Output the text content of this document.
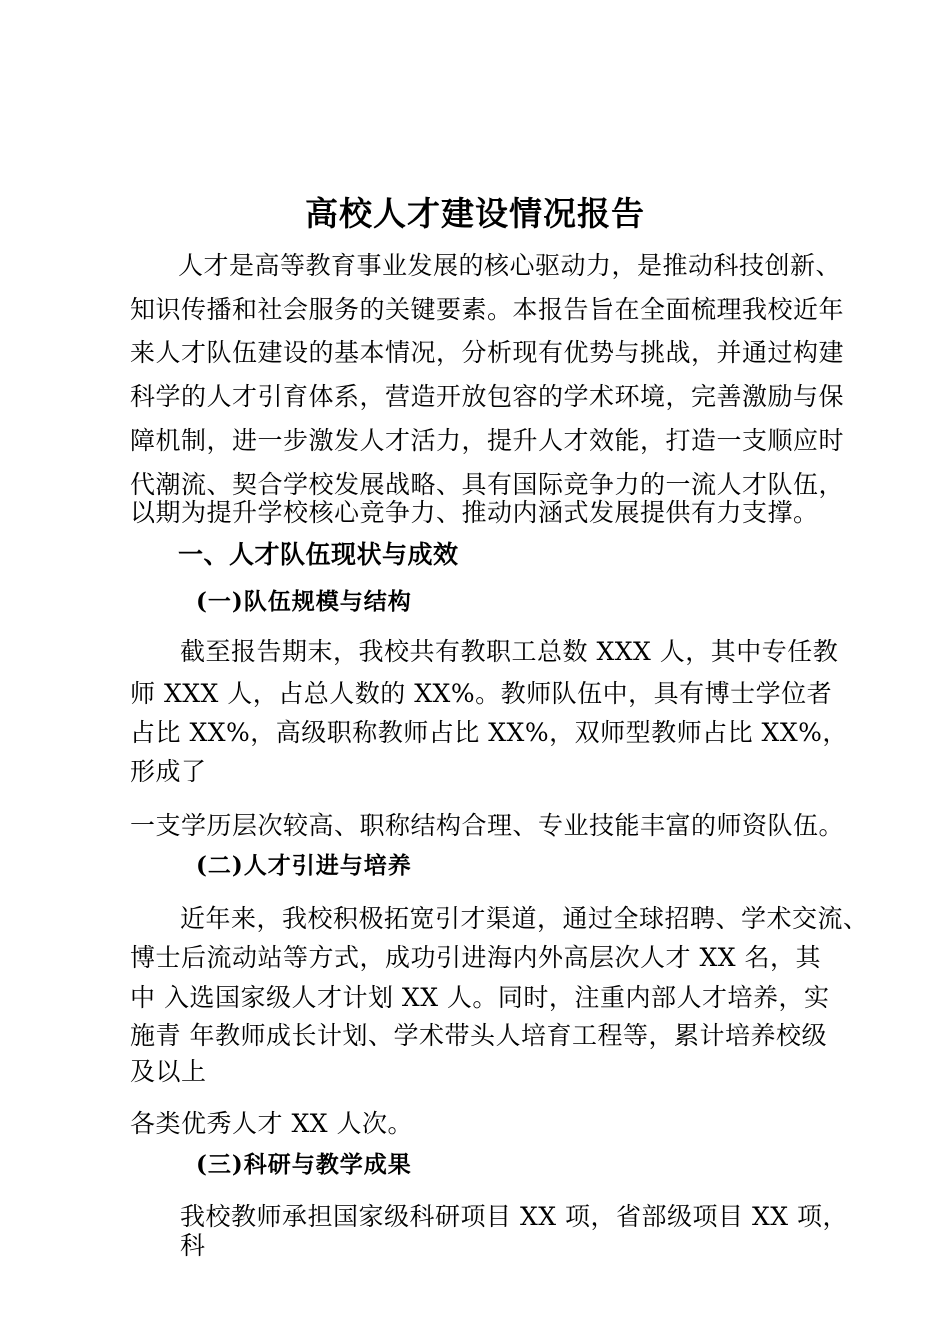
高校人才建设情况报告
人才是高等教育事业发展的核心驱动力，是推动科技创新、
知识传播和社会服务的关键要素。本报告旨在全面梳理我校近年
来人才队伍建设的基本情况，分析现有优势与挑战，并通过构建
科学的人才引育体系，营造开放包容的学术环境，完善激励与保
障机制，进一步激发人才活力，提升人才效能，打造一支顺应时
代潮流、契合学校发展战略、具有国际竞争力的一流人才队伍，
以期为提升学校核心竞争力、推动内涵式发展提供有力支撑。
一、人才队伍现状与成效
(一)队伍规模与结构
截至报告期末，我校共有教职工总数 XXX 人，其中专任教
师 XXX 人，占总人数的 XX%。教师队伍中，具有博士学位者
占比 XX%，高级职称教师占比 XX%，双师型教师占比 XX%，
形成了
一支学历层次较高、职称结构合理、专业技能丰富的师资队伍。
(二)人才引进与培养
近年来，我校积极拓宽引才渠道，通过全球招聘、学术交流、
博士后流动站等方式，成功引进海内外高层次人才 XX 名，其
中 入选国家级人才计划 XX 人。同时，注重内部人才培养，实
施青 年教师成长计划、学术带头人培育工程等，累计培养校级
及以上
各类优秀人才 XX 人次。
(三)科研与教学成果
我校教师承担国家级科研项目 XX 项，省部级项目 XX 项，
科
